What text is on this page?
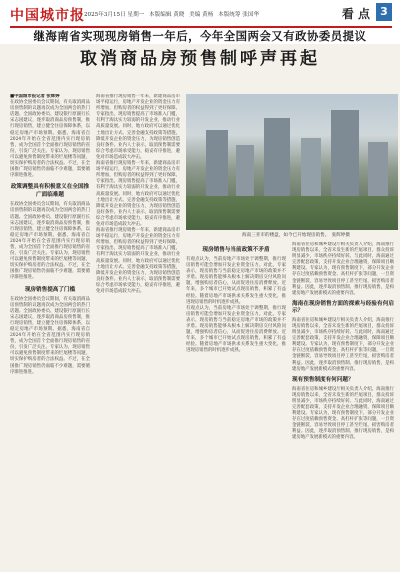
中国城市报 2025年3月15日 星期一 本版编辑 黄晓 美编 黄杨 本版统筹 张国华	看 点 3
继海南省实现现房销售一年后，今年全国两会又有政协委员提议
取消商品房预售制呼声再起
■中国城市报记者 张辉婷
在政协全国委员会议期间，有关取消商品房预售制的议题再次成为全国两会的热门话题。全国政协委员、建设银行原副行长宋志国建议，逐步取消商品房预售制，推行现房销售，建立健全住房保障体系，以稳定房地产市场预期。据悉，海南省自2024年开始在全省范围内实行现房销售，成为全国首个全面推行现房销售的省份，引发广泛关注。专家认为，现房销售可以避免预售制度带来的烂尾楼等问题，切实保护购房者的合法权益。不过，在全国推广现房销售仍面临不少难题，需要循序渐进推进。
政策调整具有积极意义在全国推广面临难题
在政协全国委员会议期间，有关取消商品房预售制的议题再次成为全国两会的热门话题。全国政协委员、建设银行原副行长宋志国建议，逐步取消商品房预售制，推行现房销售，建立健全住房保障体系，以稳定房地产市场预期。据悉，海南省自2024年开始在全省范围内实行现房销售，成为全国首个全面推行现房销售的省份，引发广泛关注。专家认为，现房销售可以避免预售制度带来的烂尾楼等问题，切实保护购房者的合法权益。不过，在全国推广现房销售仍面临不少难题，需要循序渐进推进。
现房销售提高了门槛
在政协全国委员会议期间，有关取消商品房预售制的议题再次成为全国两会的热门话题。全国政协委员、建设银行原副行长宋志国建议，逐步取消商品房预售制，推行现房销售，建立健全住房保障体系，以稳定房地产市场预期。据悉，海南省自2024年开始在全省范围内实行现房销售，成为全国首个全面推行现房销售的省份，引发广泛关注。专家认为，现房销售可以避免预售制度带来的烂尾楼等问题，切实保护购房者的合法权益。不过，在全国推广现房销售仍面临不少难题，需要循序渐进推进。
海南省推行现房销售一年来，新建商品房市场平稳运行，房地产开发企业的资金压力有所增加，但购房者的权益得到了更好保障。专家指出，现房销售提高了市场准入门槛，有利于淘汰实力较弱的开发企业，推动行业高质量发展。同时，地方政府可以通过优化土地出让方式、完善金融支持政策等措施，降低开发企业的资金压力，为现房销售创造良好条件。业内人士表示，取消预售制需要综合考虑市场承受能力，稳妥有序推进，避免对市场造成较大冲击。
海南省推行现房销售一年来，新建商品房市场平稳运行，房地产开发企业的资金压力有所增加，但购房者的权益得到了更好保障。专家指出，现房销售提高了市场准入门槛，有利于淘汰实力较弱的开发企业，推动行业高质量发展。同时，地方政府可以通过优化土地出让方式、完善金融支持政策等措施，降低开发企业的资金压力，为现房销售创造良好条件。业内人士表示，取消预售制需要综合考虑市场承受能力，稳妥有序推进，避免对市场造成较大冲击。
海南省推行现房销售一年来，新建商品房市场平稳运行，房地产开发企业的资金压力有所增加，但购房者的权益得到了更好保障。专家指出，现房销售提高了市场准入门槛，有利于淘汰实力较弱的开发企业，推动行业高质量发展。同时，地方政府可以通过优化土地出让方式、完善金融支持政策等措施，降低开发企业的资金压力，为现房销售创造良好条件。业内人士表示，取消预售制需要综合考虑市场承受能力，稳妥有序推进，避免对市场造成较大冲击。
海南三亚市的楼盘，如今已开始现房销售。　张辉婷摄
现房销售与当前政策不矛盾
有观点认为，当前房地产市场处于调整期，推行现房销售可能会增加开发企业资金压力。对此，专家表示，现房销售与当前稳定房地产市场的政策并不矛盾。现房销售能够从根本上解决期房交付风险问题，增强购房者信心，从而促进住房消费释放。近年来，多个城市已开始试点现房销售，积累了有益经验。随着房地产市场供求关系发生重大变化，推进现房销售的时机逐步成熟。
有观点认为，当前房地产市场处于调整期，推行现房销售可能会增加开发企业资金压力。对此，专家表示，现房销售与当前稳定房地产市场的政策并不矛盾。现房销售能够从根本上解决期房交付风险问题，增强购房者信心，从而促进住房消费释放。近年来，多个城市已开始试点现房销售，积累了有益经验。随着房地产市场供求关系发生重大变化，推进现房销售的时机逐步成熟。
海南省住房和城乡建设厅相关负责人介绍，海南推行现房销售以来，全省未发生新的烂尾项目，群众投诉明显减少，市场秩序持续好转。与此同时，海南通过完善配套政策，支持开发企业合理融资，保障项目顺利建设。专家认为，现有预售制度下，部分开发企业存在过度依赖预售资金、高杠杆扩张等问题，一旦资金链断裂，容易导致项目停工甚至烂尾，损害购房者利益。因此，逐步取消预售制、推行现房销售，是构建房地产发展新模式的重要内容。
海南在现房销售方面的探索与经验有何启示？
海南省住房和城乡建设厅相关负责人介绍，海南推行现房销售以来，全省未发生新的烂尾项目，群众投诉明显减少，市场秩序持续好转。与此同时，海南通过完善配套政策，支持开发企业合理融资，保障项目顺利建设。专家认为，现有预售制度下，部分开发企业存在过度依赖预售资金、高杠杆扩张等问题，一旦资金链断裂，容易导致项目停工甚至烂尾，损害购房者利益。因此，逐步取消预售制、推行现房销售，是构建房地产发展新模式的重要内容。
现有预售制度有何问题？
海南省住房和城乡建设厅相关负责人介绍，海南推行现房销售以来，全省未发生新的烂尾项目，群众投诉明显减少，市场秩序持续好转。与此同时，海南通过完善配套政策，支持开发企业合理融资，保障项目顺利建设。专家认为，现有预售制度下，部分开发企业存在过度依赖预售资金、高杠杆扩张等问题，一旦资金链断裂，容易导致项目停工甚至烂尾，损害购房者利益。因此，逐步取消预售制、推行现房销售，是构建房地产发展新模式的重要内容。
